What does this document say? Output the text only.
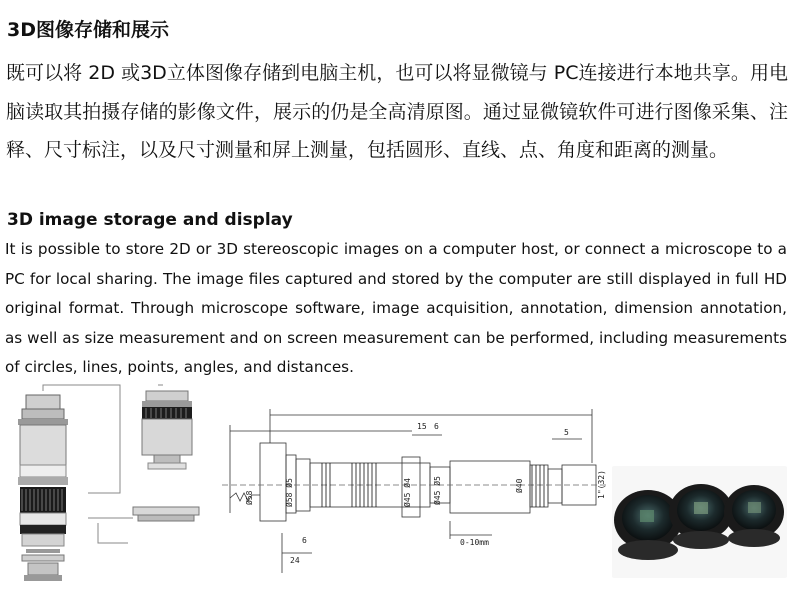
3D图像存储和展示

既可以将 2D 或3D立体图像存储到电脑主机，也可以将显微镜与 PC连接进行本地共享。用电脑读取其拍摄存储的影像文件，展示的仍是全高清原图。通过显微镜软件可进行图像采集、注释、尺寸标注，以及尺寸测量和屏上测量，包括圆形、直线、点、角度和距离的测量。

3D image storage and display

It is possible to store 2D or 3D stereoscopic images on a computer host, or connect a microscope to a PC for local sharing. The image files captured and stored by the computer are still displayed in full HD original format. Through microscope software, image acquisition, annotation, dimension annotation, as well as size measurement and on screen measurement can be performed, including measurements of circles, lines, points, angles, and distances.

15 6
5
24
6	0-10mm
Ø58	Ø58 Ø5	Ø45 Ø4	Ø45 Ø5	Ø40	1"(32)
